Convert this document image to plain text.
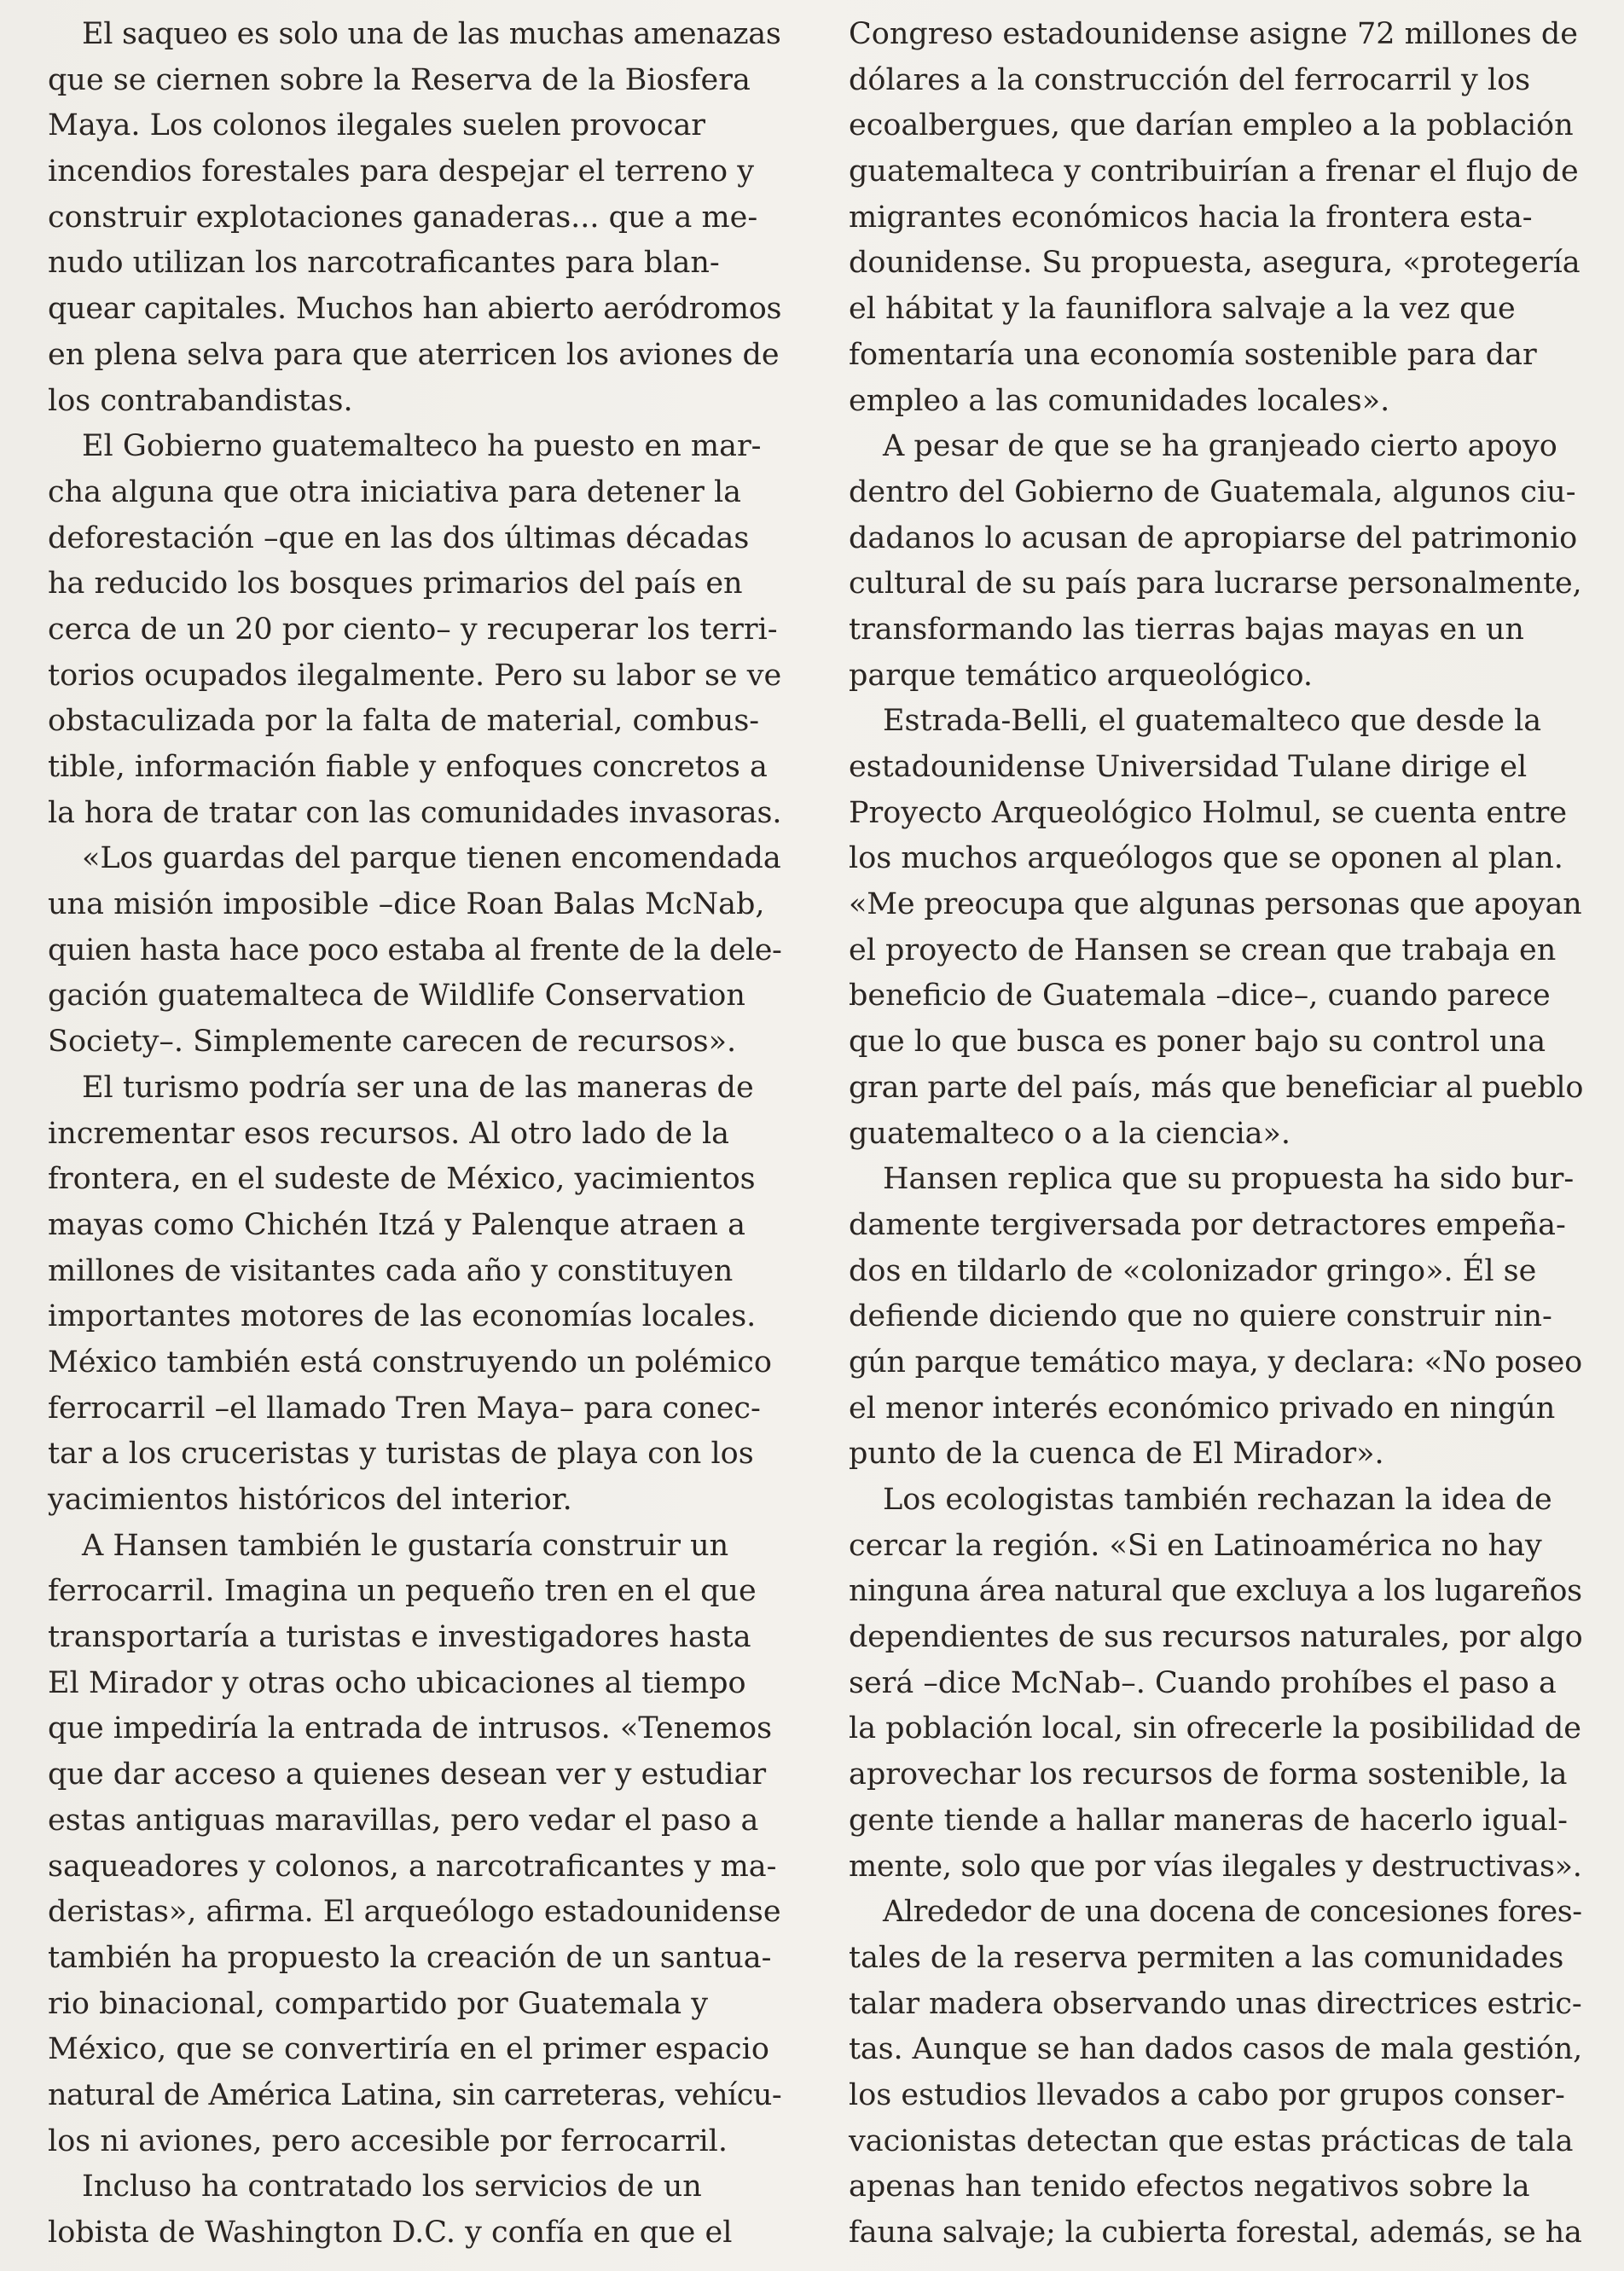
El saqueo es solo una de las muchas amenazas
que se ciernen sobre la Reserva de la Biosfera
Maya. Los colonos ilegales suelen provocar
incendios forestales para despejar el terreno y
construir explotaciones ganaderas... que a me-
nudo utilizan los narcotraficantes para blan-
quear capitales. Muchos han abierto aeródromos
en plena selva para que aterricen los aviones de
los contrabandistas.
El Gobierno guatemalteco ha puesto en mar-
cha alguna que otra iniciativa para detener la
deforestación –que en las dos últimas décadas
ha reducido los bosques primarios del país en
cerca de un 20 por ciento– y recuperar los terri-
torios ocupados ilegalmente. Pero su labor se ve
obstaculizada por la falta de material, combus-
tible, información fiable y enfoques concretos a
la hora de tratar con las comunidades invasoras.
«Los guardas del parque tienen encomendada
una misión imposible –dice Roan Balas McNab,
quien hasta hace poco estaba al frente de la dele-
gación guatemalteca de Wildlife Conservation
Society–. Simplemente carecen de recursos».
El turismo podría ser una de las maneras de
incrementar esos recursos. Al otro lado de la
frontera, en el sudeste de México, yacimientos
mayas como Chichén Itzá y Palenque atraen a
millones de visitantes cada año y constituyen
importantes motores de las economías locales.
México también está construyendo un polémico
ferrocarril –el llamado Tren Maya– para conec-
tar a los cruceristas y turistas de playa con los
yacimientos históricos del interior.
A Hansen también le gustaría construir un
ferrocarril. Imagina un pequeño tren en el que
transportaría a turistas e investigadores hasta
El Mirador y otras ocho ubicaciones al tiempo
que impediría la entrada de intrusos. «Tenemos
que dar acceso a quienes desean ver y estudiar
estas antiguas maravillas, pero vedar el paso a
saqueadores y colonos, a narcotraficantes y ma-
deristas», afirma. El arqueólogo estadounidense
también ha propuesto la creación de un santua-
rio binacional, compartido por Guatemala y
México, que se convertiría en el primer espacio
natural de América Latina, sin carreteras, vehícu-
los ni aviones, pero accesible por ferrocarril.
Incluso ha contratado los servicios de un
lobista de Washington D.C. y confía en que el
Congreso estadounidense asigne 72 millones de
dólares a la construcción del ferrocarril y los
ecoalbergues, que darían empleo a la población
guatemalteca y contribuirían a frenar el flujo de
migrantes económicos hacia la frontera esta-
dounidense. Su propuesta, asegura, «protegería
el hábitat y la fauniflora salvaje a la vez que
fomentaría una economía sostenible para dar
empleo a las comunidades locales».
A pesar de que se ha granjeado cierto apoyo
dentro del Gobierno de Guatemala, algunos ciu-
dadanos lo acusan de apropiarse del patrimonio
cultural de su país para lucrarse personalmente,
transformando las tierras bajas mayas en un
parque temático arqueológico.
Estrada-Belli, el guatemalteco que desde la
estadounidense Universidad Tulane dirige el
Proyecto Arqueológico Holmul, se cuenta entre
los muchos arqueólogos que se oponen al plan.
«Me preocupa que algunas personas que apoyan
el proyecto de Hansen se crean que trabaja en
beneficio de Guatemala –dice–, cuando parece
que lo que busca es poner bajo su control una
gran parte del país, más que beneficiar al pueblo
guatemalteco o a la ciencia».
Hansen replica que su propuesta ha sido bur-
damente tergiversada por detractores empeña-
dos en tildarlo de «colonizador gringo». Él se
defiende diciendo que no quiere construir nin-
gún parque temático maya, y declara: «No poseo
el menor interés económico privado en ningún
punto de la cuenca de El Mirador».
Los ecologistas también rechazan la idea de
cercar la región. «Si en Latinoamérica no hay
ninguna área natural que excluya a los lugareños
dependientes de sus recursos naturales, por algo
será –dice McNab–. Cuando prohíbes el paso a
la población local, sin ofrecerle la posibilidad de
aprovechar los recursos de forma sostenible, la
gente tiende a hallar maneras de hacerlo igual-
mente, solo que por vías ilegales y destructivas».
Alrededor de una docena de concesiones fores-
tales de la reserva permiten a las comunidades
talar madera observando unas directrices estric-
tas. Aunque se han dados casos de mala gestión,
los estudios llevados a cabo por grupos conser-
vacionistas detectan que estas prácticas de tala
apenas han tenido efectos negativos sobre la
fauna salvaje; la cubierta forestal, además, se ha
